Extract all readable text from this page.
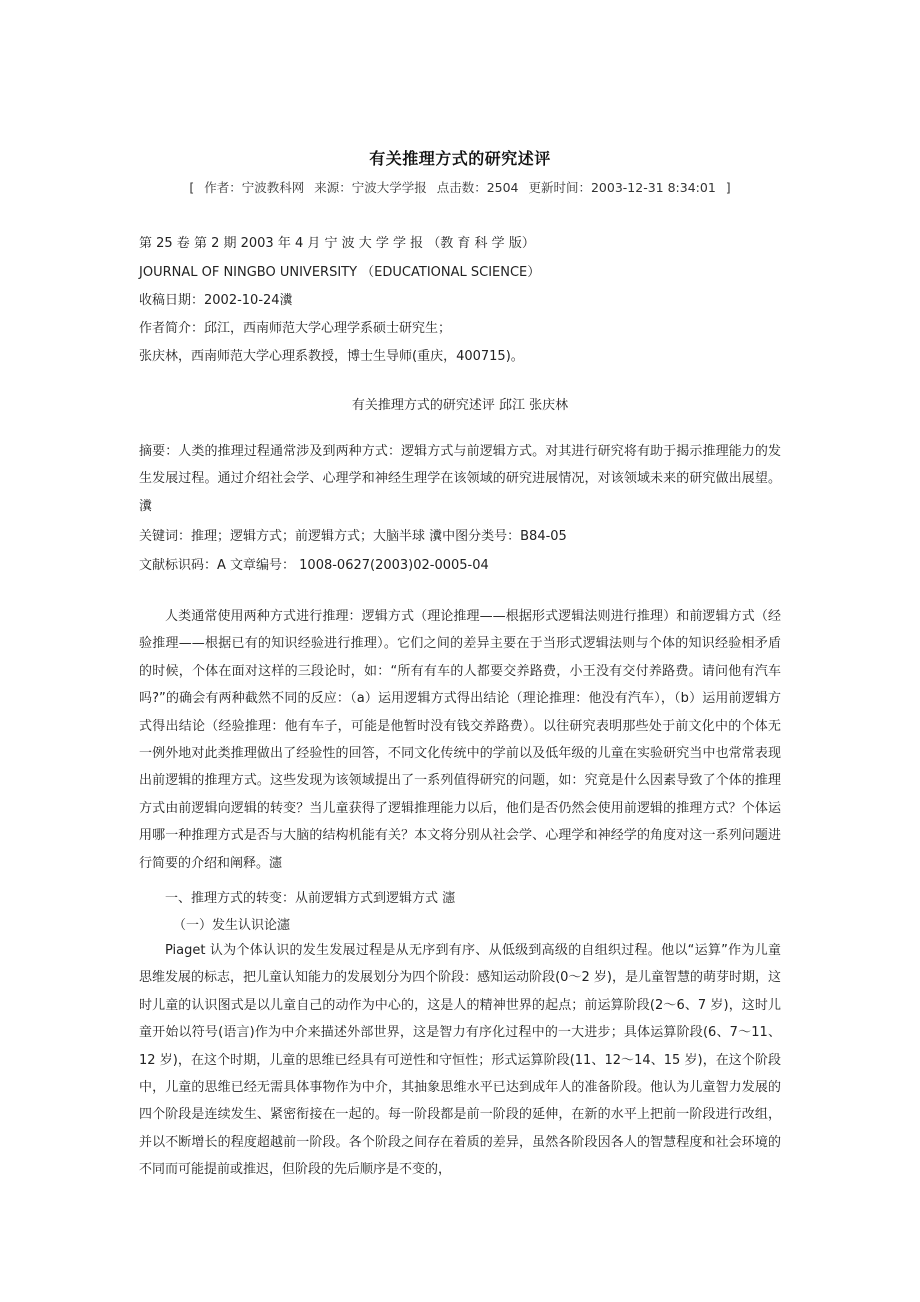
有关推理方式的研究述评
[ 作者：宁波教科网 来源：宁波大学学报 点击数：2504 更新时间：2003-12-31 8:34:01 ]
第 25 卷 第 2 期 2003 年 4 月 宁 波 大 学 学 报 （教 育 科 学 版）
JOURNAL OF NINGBO UNIVERSITY （EDUCATIONAL SCIENCE）
收稿日期：2002-10-24瀵
作者简介：邱江，西南师范大学心理学系硕士研究生；
张庆林，西南师范大学心理系教授，博士生导师(重庆，400715)。
有关推理方式的研究述评 邱江 张庆林

摘要：人类的推理过程通常涉及到两种方式：逻辑方式与前逻辑方式。对其进行研究将有助于揭示推理能力的发生发展过程。通过介绍社会学、心理学和神经生理学在该领域的研究进展情况，对该领域未来的研究做出展望。瀵

关键词：推理；逻辑方式；前逻辑方式；大脑半球 瀵中图分类号：B84-05
文献标识码：A 文章编号： 1008-0627(2003)02-0005-04

人类通常使用两种方式进行推理：逻辑方式（理论推理——根据形式逻辑法则进行推理）和前逻辑方式（经验推理——根据已有的知识经验进行推理）。它们之间的差异主要在于当形式逻辑法则与个体的知识经验相矛盾的时候，个体在面对这样的三段论时，如：“所有有车的人都要交养路费，小王没有交付养路费。请问他有汽车吗?”的确会有两种截然不同的反应：（a）运用逻辑方式得出结论（理论推理：他没有汽车），（b）运用前逻辑方式得出结论（经验推理：他有车子，可能是他暂时没有钱交养路费）。以往研究表明那些处于前文化中的个体无一例外地对此类推理做出了经验性的回答，不同文化传统中的学前以及低年级的儿童在实验研究当中也常常表现出前逻辑的推理方式。这些发现为该领域提出了一系列值得研究的问题，如：究竟是什么因素导致了个体的推理方式由前逻辑向逻辑的转变？当儿童获得了逻辑推理能力以后，他们是否仍然会使用前逻辑的推理方式？个体运用哪一种推理方式是否与大脑的结构机能有关？本文将分别从社会学、心理学和神经学的角度对这一系列问题进行简要的介绍和阐释。瀗

一、推理方式的转变：从前逻辑方式到逻辑方式 瀗
（一）发生认识论瀗

Piaget 认为个体认识的发生发展过程是从无序到有序、从低级到高级的自组织过程。他以“运算”作为儿童思维发展的标志，把儿童认知能力的发展划分为四个阶段：感知运动阶段(0～2 岁)，是儿童智慧的萌芽时期，这时儿童的认识图式是以儿童自己的动作为中心的，这是人的精神世界的起点；前运算阶段(2～6、7 岁)，这时儿童开始以符号(语言)作为中介来描述外部世界，这是智力有序化过程中的一大进步；具体运算阶段(6、7～11、12 岁)，在这个时期，儿童的思维已经具有可逆性和守恒性；形式运算阶段(11、12～14、15 岁)，在这个阶段中，儿童的思维已经无需具体事物作为中介，其抽象思维水平已达到成年人的准备阶段。他认为儿童智力发展的四个阶段是连续发生、紧密衔接在一起的。每一阶段都是前一阶段的延伸，在新的水平上把前一阶段进行改组，并以不断增长的程度超越前一阶段。各个阶段之间存在着质的差异，虽然各阶段因各人的智慧程度和社会环境的不同而可能提前或推迟，但阶段的先后顺序是不变的，
